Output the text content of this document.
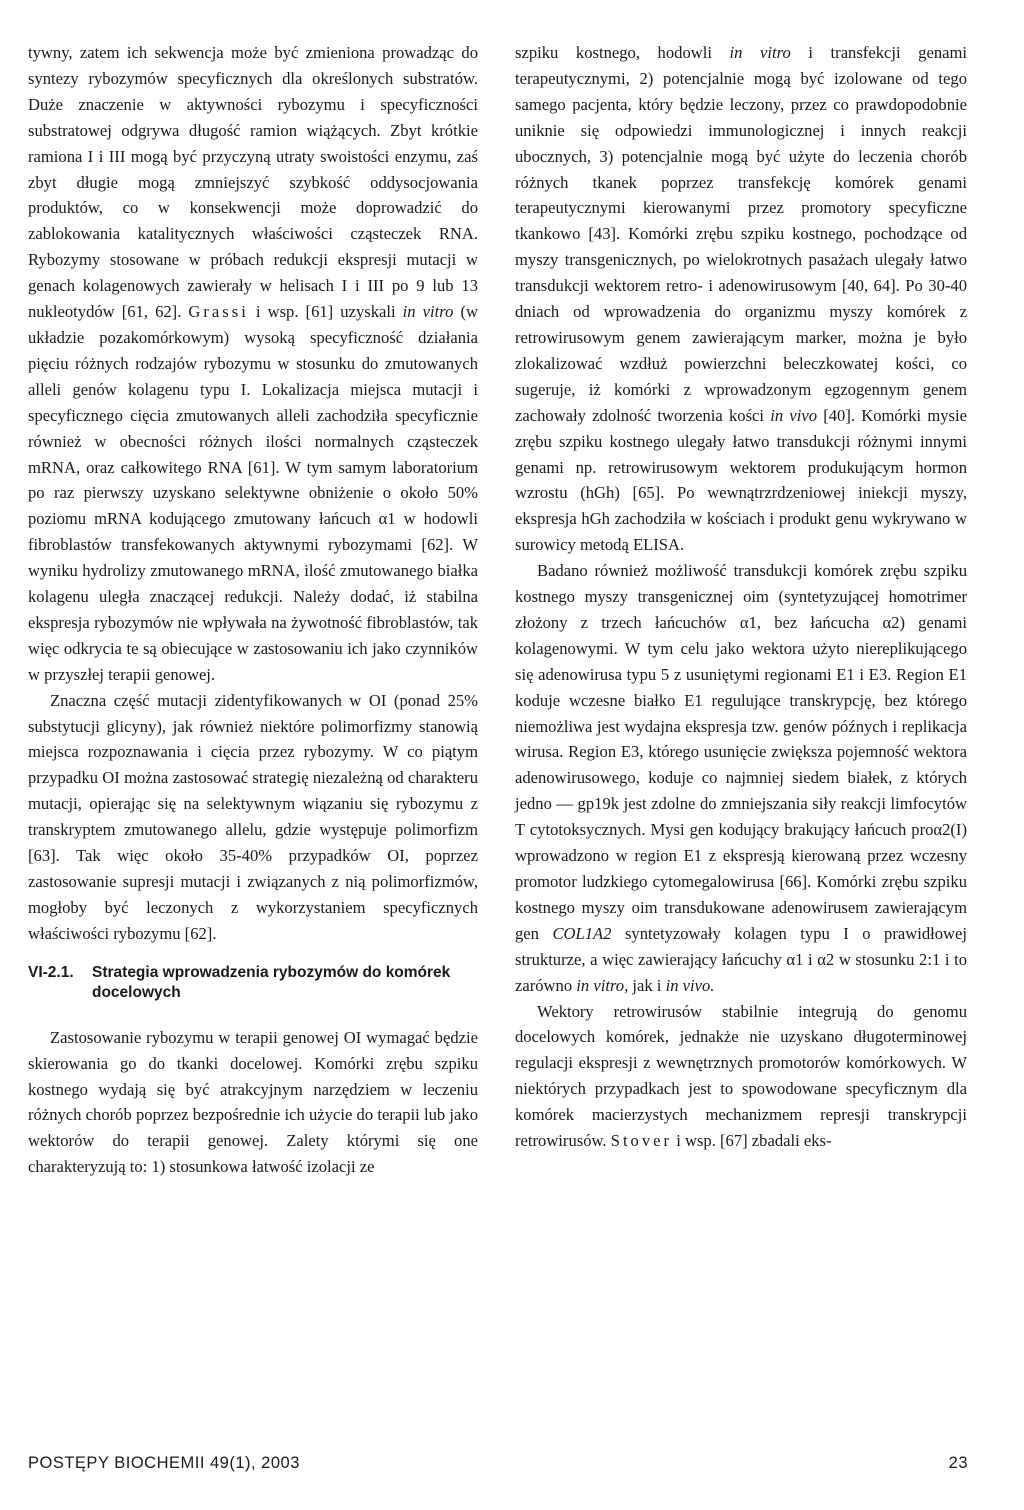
tywny, zatem ich sekwencja może być zmieniona prowadząc do syntezy rybozymów specyficznych dla określonych substratów. Duże znaczenie w aktywności rybozymu i specyficzności substratowej odgrywa długość ramion wiążących. Zbyt krótkie ramiona I i III mogą być przyczyną utraty swoistości enzymu, zaś zbyt długie mogą zmniejszyć szybkość oddysocjowania produktów, co w konsekwencji może doprowadzić do zablokowania katalitycznych właściwości cząsteczek RNA. Rybozymy stosowane w próbach redukcji ekspresji mutacji w genach kolagenowych zawierały w helisach I i III po 9 lub 13 nukleotydów [61, 62]. Grassi i wsp. [61] uzyskali in vitro (w układzie pozakomórkowym) wysoką specyficzność działania pięciu różnych rodzajów rybozymu w stosunku do zmutowanych alleli genów kolagenu typu I. Lokalizacja miejsca mutacji i specyficznego cięcia zmutowanych alleli zachodziła specyficznie również w obecności różnych ilości normalnych cząsteczek mRNA, oraz całkowitego RNA [61]. W tym samym laboratorium po raz pierwszy uzyskano selektywne obniżenie o około 50% poziomu mRNA kodującego zmutowany łańcuch α1 w hodowli fibroblastów transfekowanych aktywnymi rybozymami [62]. W wyniku hydrolizy zmutowanego mRNA, ilość zmutowanego białka kolagenu uległa znaczącej redukcji. Należy dodać, iż stabilna ekspresja rybozymów nie wpływała na żywotność fibroblastów, tak więc odkrycia te są obiecujące w zastosowaniu ich jako czynników w przyszłej terapii genowej.

Znaczna część mutacji zidentyfikowanych w OI (ponad 25% substytucji glicyny), jak również niektóre polimorfizmy stanowią miejsca rozpoznawania i cięcia przez rybozymy. W co piątym przypadku OI można zastosować strategię niezależną od charakteru mutacji, opierając się na selektywnym wiązaniu się rybozymu z transkryptem zmutowanego allelu, gdzie występuje polimorfizm [63]. Tak więc około 35-40% przypadków OI, poprzez zastosowanie supresji mutacji i związanych z nią polimorfizmów, mogłoby być leczonych z wykorzystaniem specyficznych właściwości rybozymu [62].

VI-2.1.	Strategia wprowadzenia rybozymów do komórek docelowych

Zastosowanie rybozymu w terapii genowej OI wymagać będzie skierowania go do tkanki docelowej. Komórki zrębu szpiku kostnego wydają się być atrakcyjnym narzędziem w leczeniu różnych chorób poprzez bezpośrednie ich użycie do terapii lub jako wektorów do terapii genowej. Zalety którymi się one charakteryzują to: 1) stosunkowa łatwość izolacji ze

szpiku kostnego, hodowli in vitro i transfekcji genami terapeutycznymi, 2) potencjalnie mogą być izolowane od tego samego pacjenta, który będzie leczony, przez co prawdopodobnie uniknie się odpowiedzi immunologicznej i innych reakcji ubocznych, 3) potencjalnie mogą być użyte do leczenia chorób różnych tkanek poprzez transfekcję komórek genami terapeutycznymi kierowanymi przez promotory specyficzne tkankowo [43]. Komórki zrębu szpiku kostnego, pochodzące od myszy transgenicznych, po wielokrotnych pasażach ulegały łatwo transdukcji wektorem retro- i adenowirusowym [40, 64]. Po 30-40 dniach od wprowadzenia do organizmu myszy komórek z retrowirusowym genem zawierającym marker, można je było zlokalizować wzdłuż powierzchni beleczkowatej kości, co sugeruje, iż komórki z wprowadzonym egzogennym genem zachowały zdolność tworzenia kości in vivo [40]. Komórki mysie zrębu szpiku kostnego ulegały łatwo transdukcji różnymi innymi genami np. retrowirusowym wektorem produkującym hormon wzrostu (hGh) [65]. Po wewnątrzrdzeniowej iniekcji myszy, ekspresja hGh zachodziła w kościach i produkt genu wykrywano w surowicy metodą ELISA.

Badano również możliwość transdukcji komórek zrębu szpiku kostnego myszy transgenicznej oim (syntetyzującej homotrimer złożony z trzech łańcuchów α1, bez łańcucha α2) genami kolagenowymi. W tym celu jako wektora użyto niereplikującego się adenowirusa typu 5 z usuniętymi regionami E1 i E3. Region E1 koduje wczesne białko E1 regulujące transkrypcję, bez którego niemożliwa jest wydajna ekspresja tzw. genów późnych i replikacja wirusa. Region E3, którego usunięcie zwiększa pojemność wektora adenowirusowego, koduje co najmniej siedem białek, z których jedno — gp19k jest zdolne do zmniejszania siły reakcji limfocytów T cytotoksycznych. Mysi gen kodujący brakujący łańcuch proα2(I) wprowadzono w region E1 z ekspresją kierowaną przez wczesny promotor ludzkiego cytomegalowirusa [66]. Komórki zrębu szpiku kostnego myszy oim transdukowane adenowirusem zawierającym gen COL1A2 syntetyzowały kolagen typu I o prawidłowej strukturze, a więc zawierający łańcuchy α1 i α2 w stosunku 2:1 i to zarówno in vitro, jak i in vivo.

Wektory retrowirusów stabilnie integrują do genomu docelowych komórek, jednakże nie uzyskano długoterminowej regulacji ekspresji z wewnętrznych promotorów komórkowych. W niektórych przypadkach jest to spowodowane specyficznym dla komórek macierzystych mechanizmem represji transkrypcji retrowirusów. Stover i wsp. [67] zbadali eks-

POSTĘPY BIOCHEMII 49(1), 2003	23
